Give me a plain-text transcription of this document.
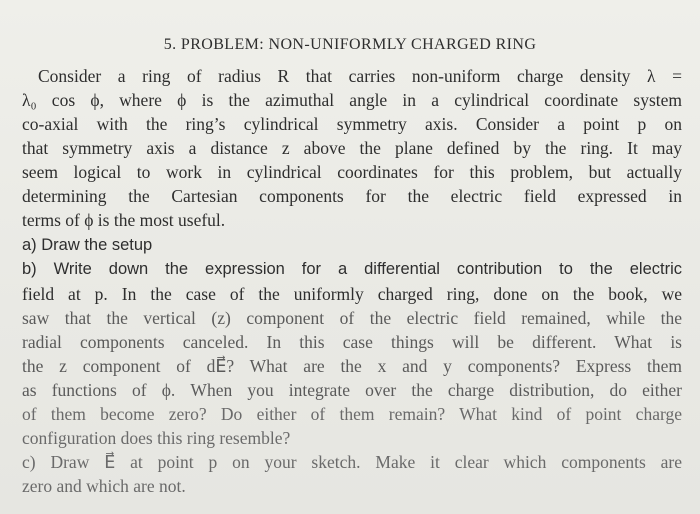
5. PROBLEM: NON-UNIFORMLY CHARGED RING
Consider a ring of radius R that carries non-uniform charge density λ =
λ₀ cos ϕ, where ϕ is the azimuthal angle in a cylindrical coordinate system
co-axial with the ring’s cylindrical symmetry axis. Consider a point p on
that symmetry axis a distance z above the plane defined by the ring. It may
seem logical to work in cylindrical coordinates for this problem, but actually
determining the Cartesian components for the electric field expressed in
terms of ϕ is the most useful.
a) Draw the setup
b) Write down the expression for a differential contribution to the electric
field at p. In the case of the uniformly charged ring, done on the book, we
saw that the vertical (z) component of the electric field remained, while the
radial components canceled. In this case things will be different. What is
the z component of dE⃗? What are the x and y components? Express them
as functions of ϕ. When you integrate over the charge distribution, do either
of them become zero? Do either of them remain? What kind of point charge
configuration does this ring resemble?
c) Draw E⃗ at point p on your sketch. Make it clear which components are
zero and which are not.
